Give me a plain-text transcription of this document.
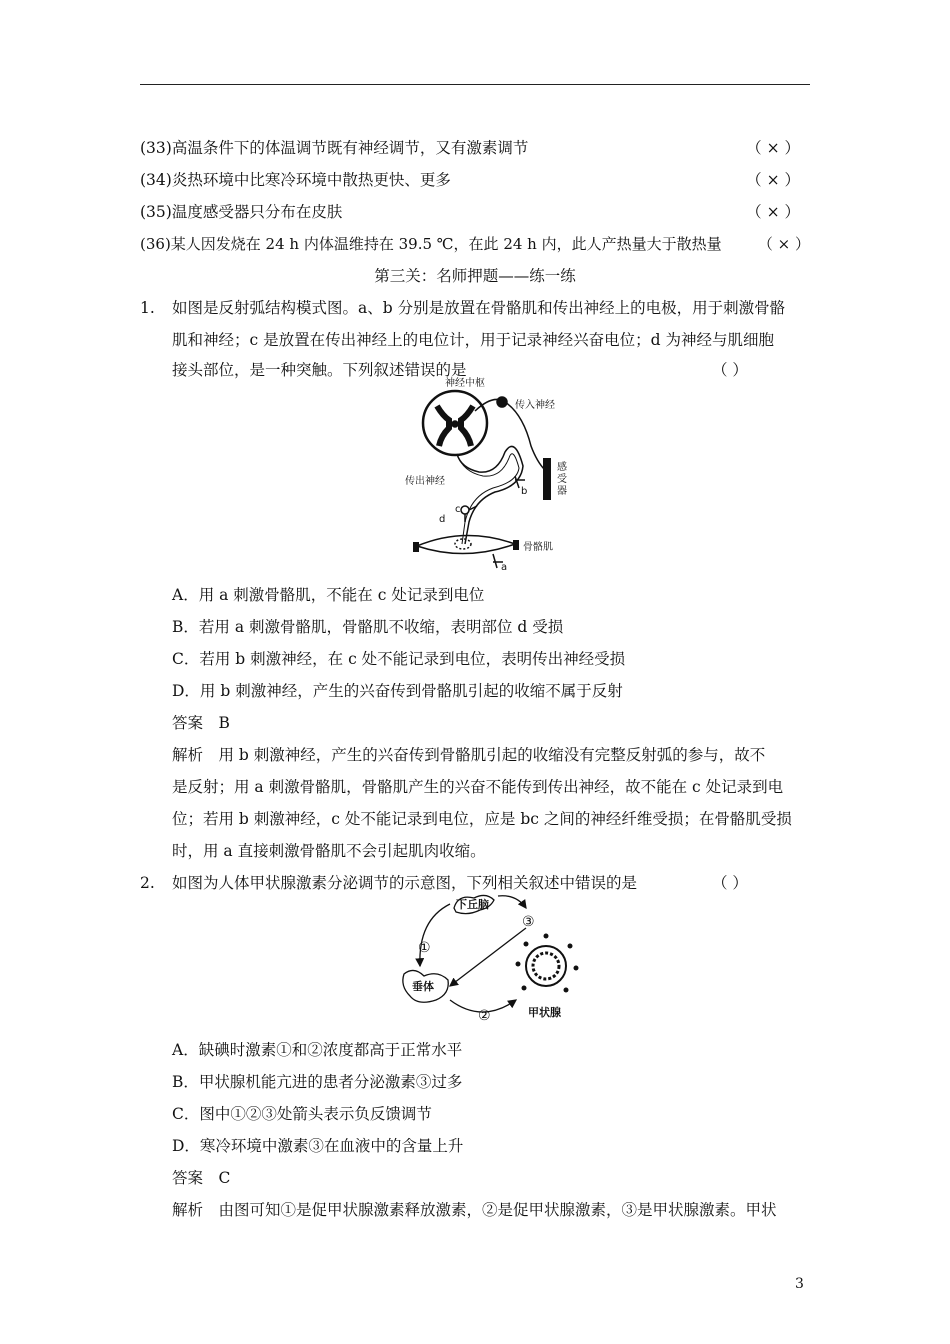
(33)高温条件下的体温调节既有神经调节，又有激素调节	（ × ）
(34)炎热环境中比寒冷环境中散热更快、更多	（ × ）
(35)温度感受器只分布在皮肤	（ × ）
(36)某人因发烧在 24 h 内体温维持在 39.5 ℃，在此 24 h 内，此人产热量大于散热量 （ × ）
第三关：名师押题——练一练
1. 如图是反射弧结构模式图。a、b 分别是放置在骨骼肌和传出神经上的电极，用于刺激骨骼
肌和神经；c 是放置在传出神经上的电位计，用于记录神经兴奋电位；d 为神经与肌细胞
接头部位，是一种突触。下列叙述错误的是	（ ）
神经中枢
传入神经
传出神经
感
受
器
骨骼肌
a
b
c
d
A．用 a 刺激骨骼肌，不能在 c 处记录到电位
B．若用 a 刺激骨骼肌，骨骼肌不收缩，表明部位 d 受损
C．若用 b 刺激神经，在 c 处不能记录到电位，表明传出神经受损
D．用 b 刺激神经，产生的兴奋传到骨骼肌引起的收缩不属于反射
答案　B
解析　用 b 刺激神经，产生的兴奋传到骨骼肌引起的收缩没有完整反射弧的参与，故不
是反射；用 a 刺激骨骼肌，骨骼肌产生的兴奋不能传到传出神经，故不能在 c 处记录到电
位；若用 b 刺激神经，c 处不能记录到电位，应是 bc 之间的神经纤维受损；在骨骼肌受损
时，用 a 直接刺激骨骼肌不会引起肌肉收缩。
2. 如图为人体甲状腺激素分泌调节的示意图，下列相关叙述中错误的是	（ ）
下丘脑
垂体
甲状腺
①
②
③
A．缺碘时激素①和②浓度都高于正常水平
B．甲状腺机能亢进的患者分泌激素③过多
C．图中①②③处箭头表示负反馈调节
D．寒冷环境中激素③在血液中的含量上升
答案　C
解析　由图可知①是促甲状腺激素释放激素，②是促甲状腺激素，③是甲状腺激素。甲状
3
